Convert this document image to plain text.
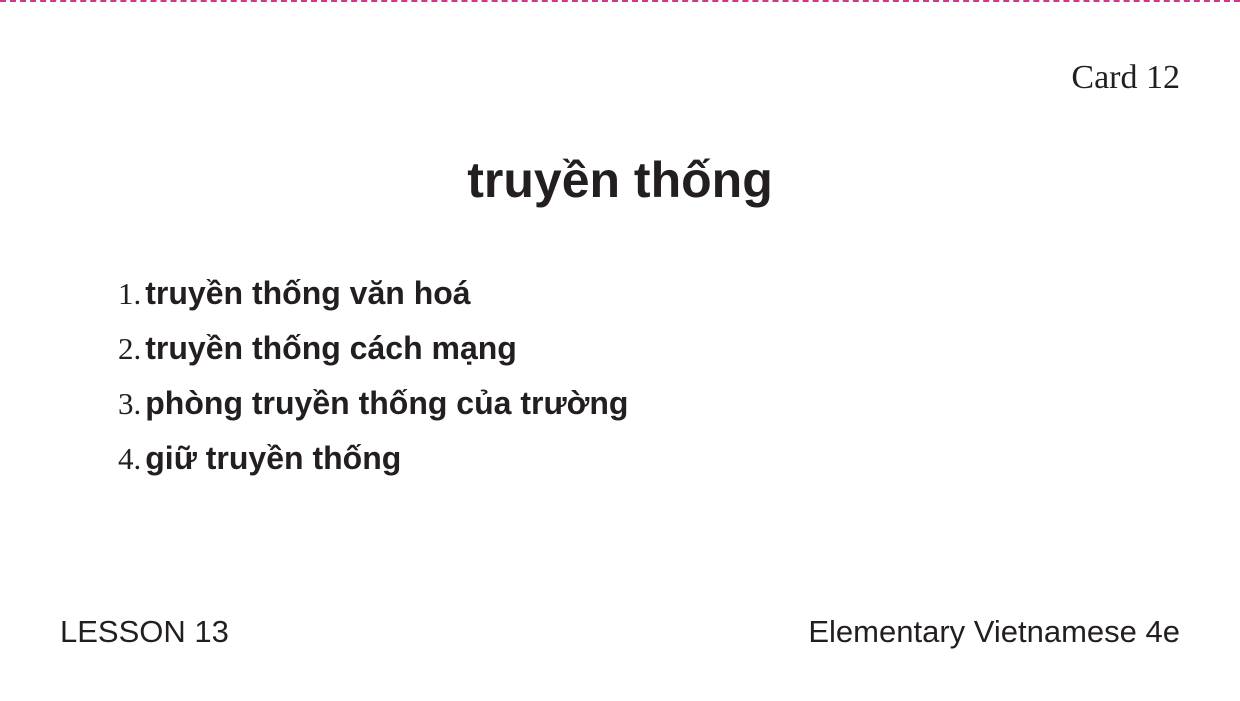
Card 12
truyền thống
1. truyền thống văn hoá
2. truyền thống cách mạng
3. phòng truyền thống của trường
4. giữ truyền thống
LESSON 13	Elementary Vietnamese 4e
